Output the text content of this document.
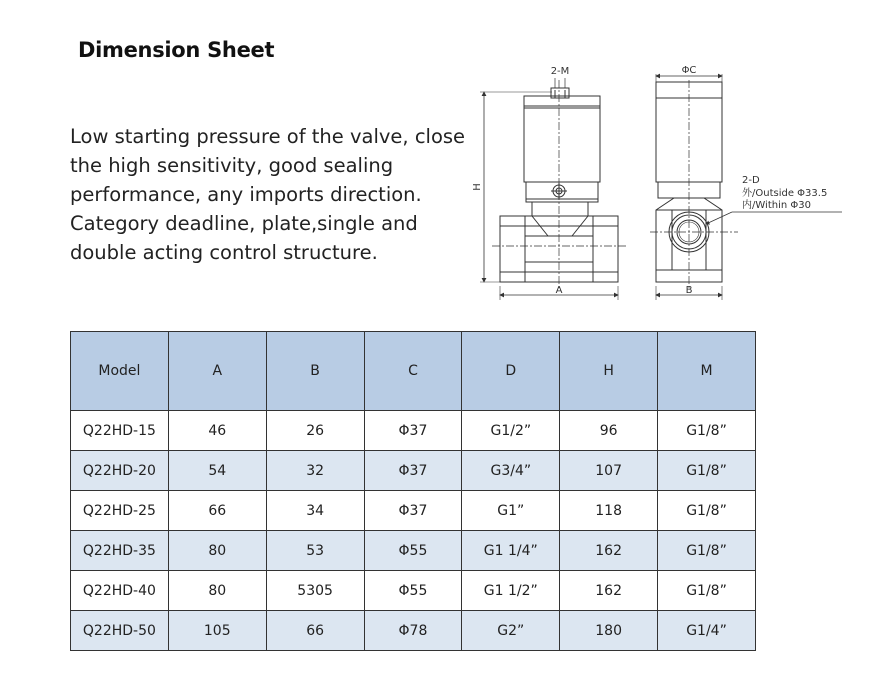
Dimension Sheet
Low starting pressure of the valve, close
the high sensitivity, good sealing
performance, any imports direction.
Category deadline, plate,single and
double acting control structure.
2-M
H
A
ΦC
B
2-D
外/Outside Φ33.5
内/Within Φ30
Model	A	B	C	D	H	M
Q22HD-15	46	26	Φ37	G1/2”	96	G1/8”
Q22HD-20	54	32	Φ37	G3/4”	107	G1/8”
Q22HD-25	66	34	Φ37	G1”	118	G1/8”
Q22HD-35	80	53	Φ55	G1 1/4”	162	G1/8”
Q22HD-40	80	5305	Φ55	G1 1/2”	162	G1/8”
Q22HD-50	105	66	Φ78	G2”	180	G1/4”
